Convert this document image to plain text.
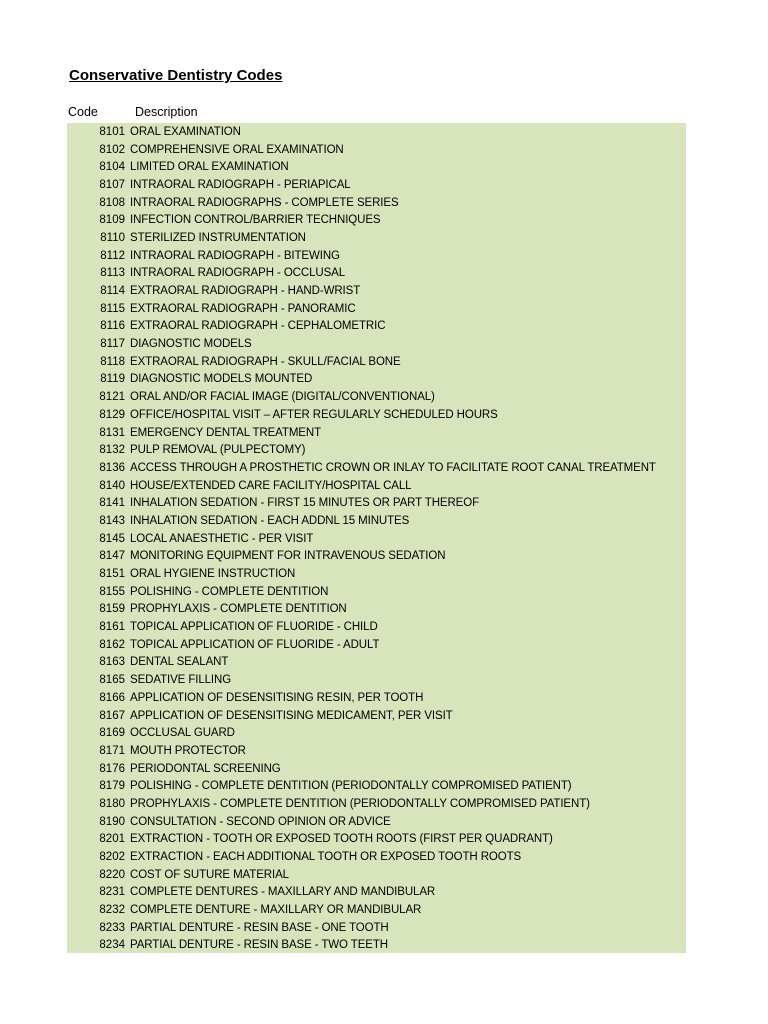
Conservative Dentistry Codes
Code	Description
8101 ORAL EXAMINATION
8102 COMPREHENSIVE ORAL EXAMINATION
8104 LIMITED ORAL EXAMINATION
8107 INTRAORAL RADIOGRAPH - PERIAPICAL
8108 INTRAORAL RADIOGRAPHS - COMPLETE SERIES
8109 INFECTION CONTROL/BARRIER TECHNIQUES
8110 STERILIZED INSTRUMENTATION
8112 INTRAORAL RADIOGRAPH - BITEWING
8113 INTRAORAL RADIOGRAPH - OCCLUSAL
8114 EXTRAORAL RADIOGRAPH - HAND-WRIST
8115 EXTRAORAL RADIOGRAPH - PANORAMIC
8116 EXTRAORAL RADIOGRAPH - CEPHALOMETRIC
8117 DIAGNOSTIC MODELS
8118 EXTRAORAL RADIOGRAPH - SKULL/FACIAL BONE
8119 DIAGNOSTIC MODELS MOUNTED
8121 ORAL AND/OR FACIAL IMAGE (DIGITAL/CONVENTIONAL)
8129 OFFICE/HOSPITAL VISIT – AFTER REGULARLY SCHEDULED HOURS
8131 EMERGENCY DENTAL TREATMENT
8132 PULP REMOVAL (PULPECTOMY)
8136 ACCESS THROUGH A PROSTHETIC CROWN OR INLAY TO FACILITATE ROOT CANAL TREATMENT
8140 HOUSE/EXTENDED CARE FACILITY/HOSPITAL CALL
8141 INHALATION SEDATION - FIRST 15 MINUTES OR PART THEREOF
8143 INHALATION SEDATION - EACH ADDNL 15 MINUTES
8145 LOCAL ANAESTHETIC - PER VISIT
8147 MONITORING EQUIPMENT FOR INTRAVENOUS SEDATION
8151 ORAL HYGIENE INSTRUCTION
8155 POLISHING - COMPLETE DENTITION
8159 PROPHYLAXIS - COMPLETE DENTITION
8161 TOPICAL APPLICATION OF FLUORIDE - CHILD
8162 TOPICAL APPLICATION OF FLUORIDE - ADULT
8163 DENTAL SEALANT
8165 SEDATIVE FILLING
8166 APPLICATION OF DESENSITISING RESIN, PER TOOTH
8167 APPLICATION OF DESENSITISING MEDICAMENT, PER VISIT
8169 OCCLUSAL GUARD
8171 MOUTH PROTECTOR
8176 PERIODONTAL SCREENING
8179 POLISHING - COMPLETE DENTITION (PERIODONTALLY COMPROMISED PATIENT)
8180 PROPHYLAXIS - COMPLETE DENTITION (PERIODONTALLY COMPROMISED PATIENT)
8190 CONSULTATION - SECOND OPINION OR ADVICE
8201 EXTRACTION - TOOTH OR EXPOSED TOOTH ROOTS (FIRST PER QUADRANT)
8202 EXTRACTION - EACH ADDITIONAL TOOTH OR EXPOSED TOOTH ROOTS
8220 COST OF SUTURE MATERIAL
8231 COMPLETE DENTURES - MAXILLARY AND MANDIBULAR
8232 COMPLETE DENTURE - MAXILLARY OR MANDIBULAR
8233 PARTIAL DENTURE - RESIN BASE - ONE TOOTH
8234 PARTIAL DENTURE - RESIN BASE - TWO TEETH
